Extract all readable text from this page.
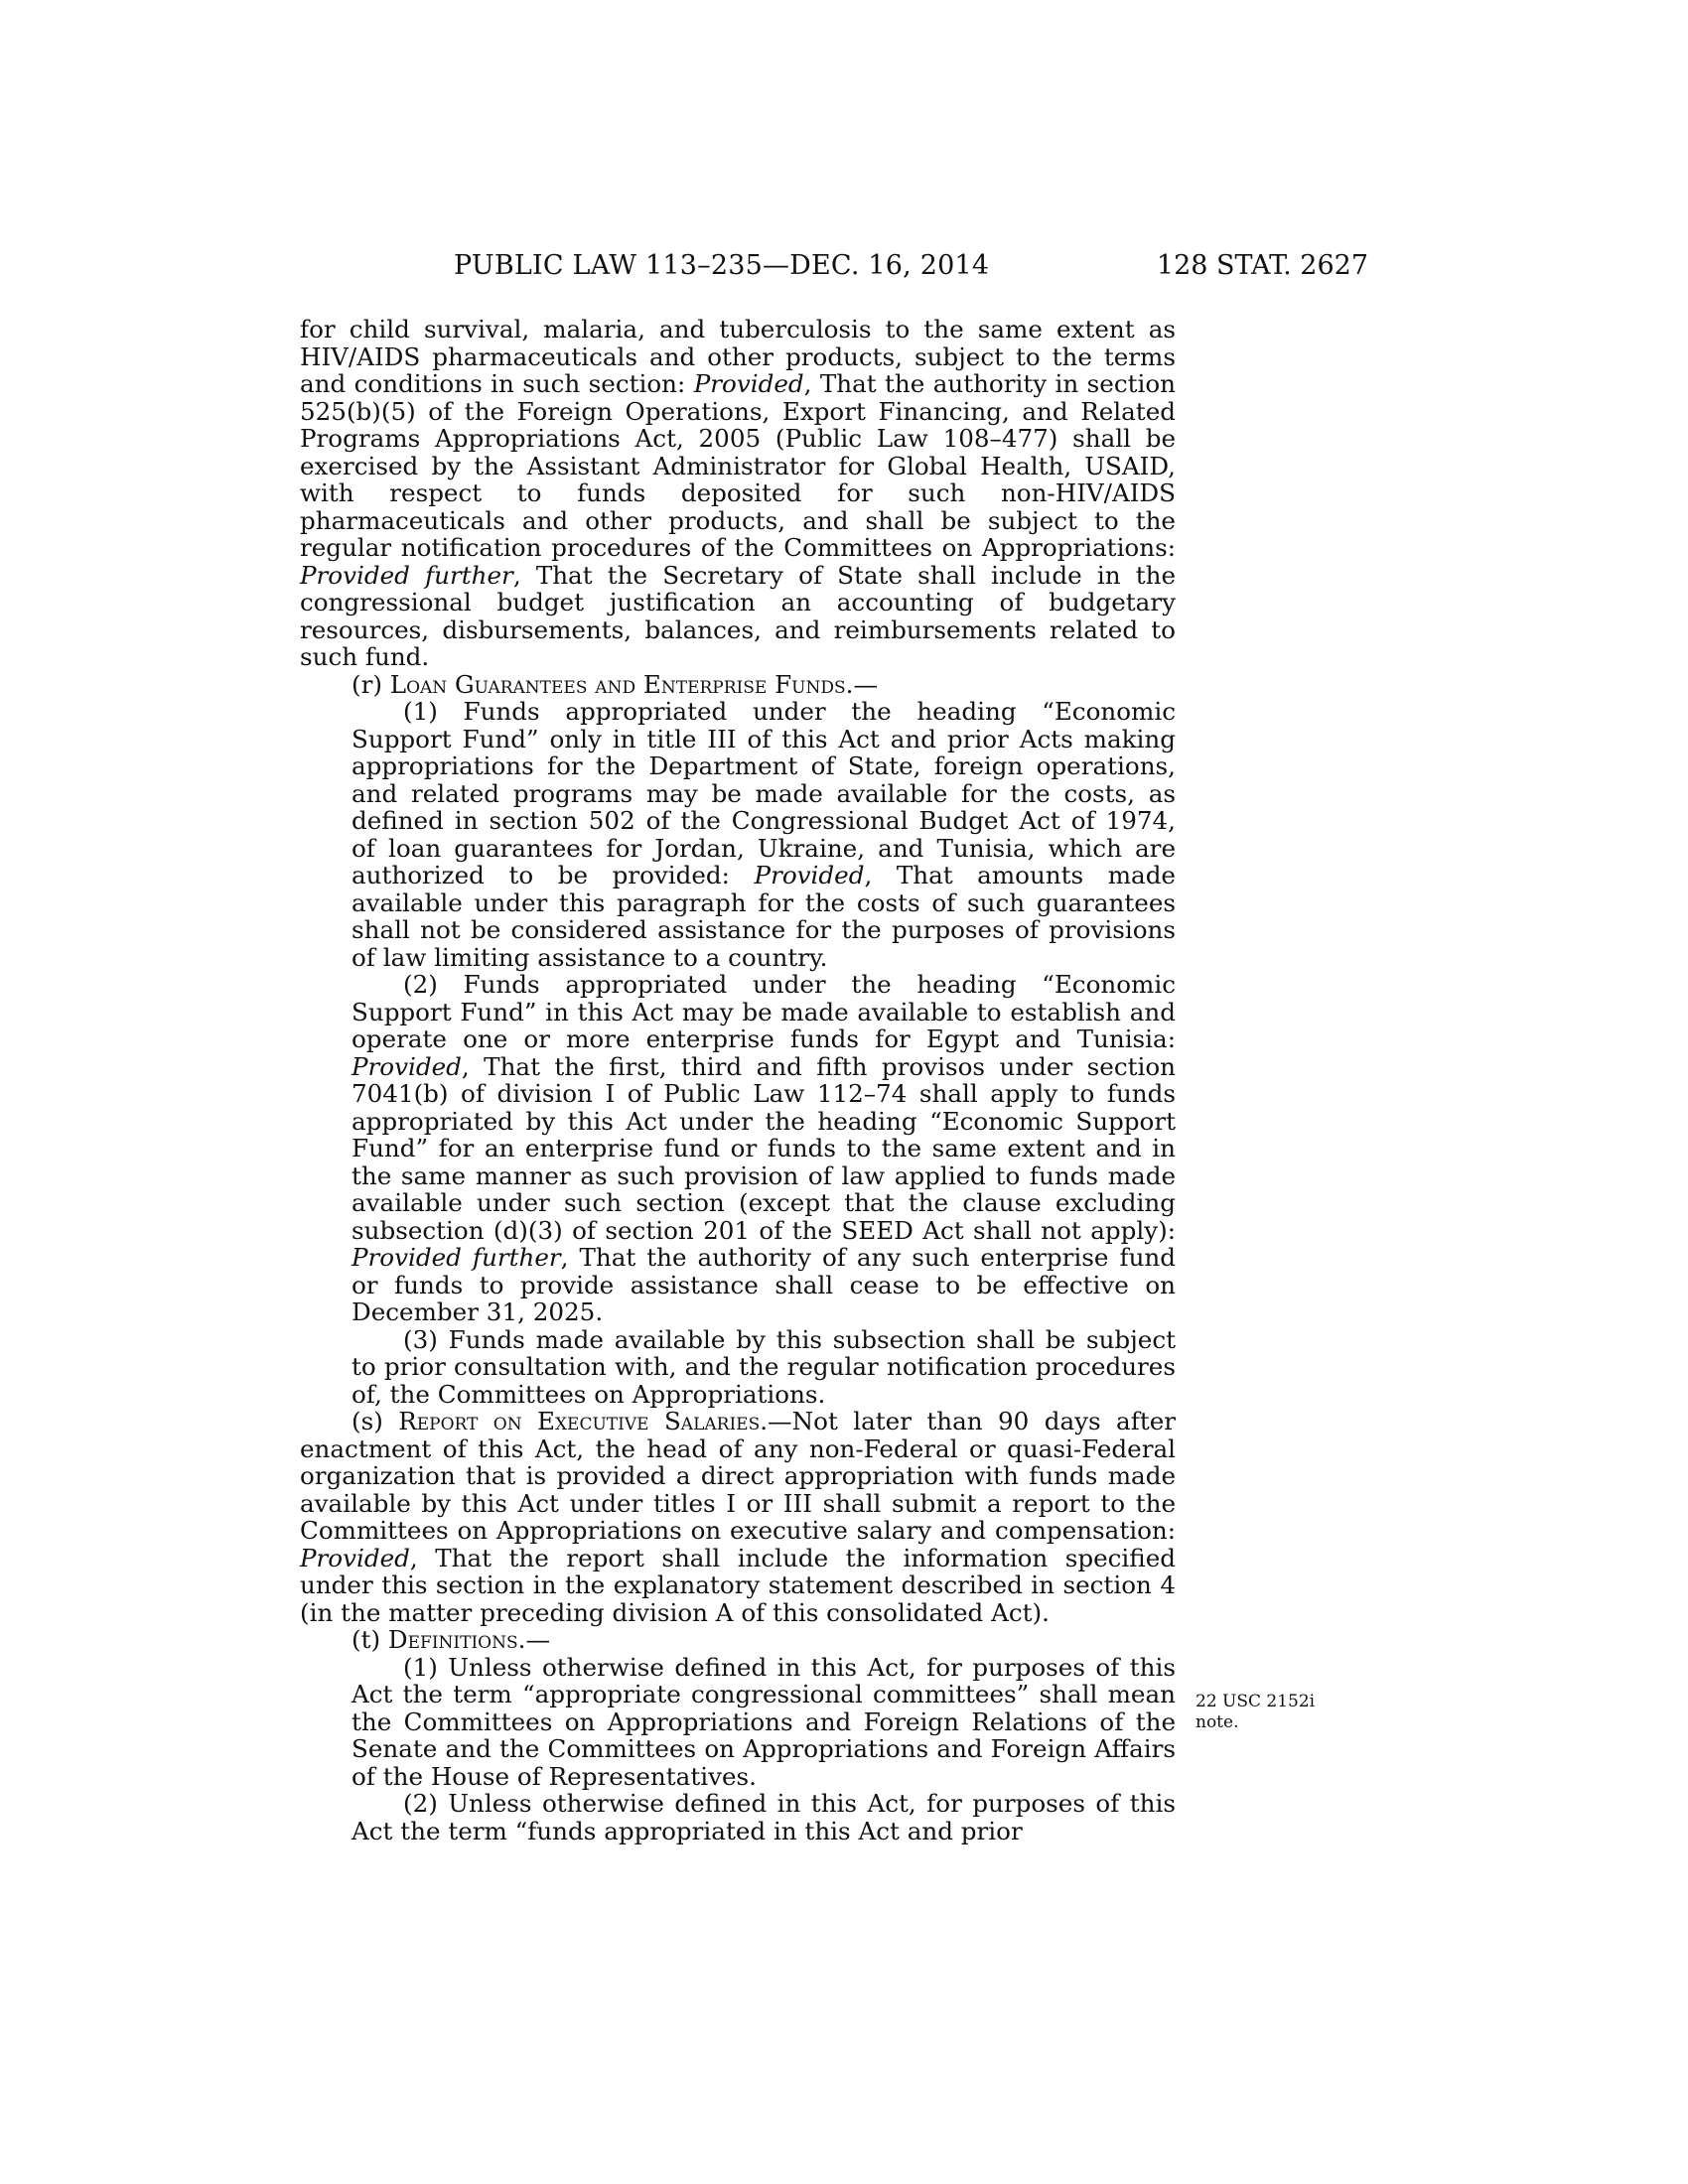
PUBLIC LAW 113–235—DEC. 16, 2014	128 STAT. 2627

for child survival, malaria, and tuberculosis to the same extent as HIV/AIDS pharmaceuticals and other products, subject to the terms and conditions in such section: Provided, That the authority in section 525(b)(5) of the Foreign Operations, Export Financing, and Related Programs Appropriations Act, 2005 (Public Law 108–477) shall be exercised by the Assistant Administrator for Global Health, USAID, with respect to funds deposited for such non-HIV/AIDS pharmaceuticals and other products, and shall be subject to the regular notification procedures of the Committees on Appropriations: Provided further, That the Secretary of State shall include in the congressional budget justification an accounting of budgetary resources, disbursements, balances, and reimbursements related to such fund.

(r) Loan Guarantees and Enterprise Funds.—

(1) Funds appropriated under the heading “Economic Support Fund” only in title III of this Act and prior Acts making appropriations for the Department of State, foreign operations, and related programs may be made available for the costs, as defined in section 502 of the Congressional Budget Act of 1974, of loan guarantees for Jordan, Ukraine, and Tunisia, which are authorized to be provided: Provided, That amounts made available under this paragraph for the costs of such guarantees shall not be considered assistance for the purposes of provisions of law limiting assistance to a country.

(2) Funds appropriated under the heading “Economic Support Fund” in this Act may be made available to establish and operate one or more enterprise funds for Egypt and Tunisia: Provided, That the first, third and fifth provisos under section 7041(b) of division I of Public Law 112–74 shall apply to funds appropriated by this Act under the heading “Economic Support Fund” for an enterprise fund or funds to the same extent and in the same manner as such provision of law applied to funds made available under such section (except that the clause excluding subsection (d)(3) of section 201 of the SEED Act shall not apply): Provided further, That the authority of any such enterprise fund or funds to provide assistance shall cease to be effective on December 31, 2025.

(3) Funds made available by this subsection shall be subject to prior consultation with, and the regular notification procedures of, the Committees on Appropriations.

(s) Report on Executive Salaries.—Not later than 90 days after enactment of this Act, the head of any non-Federal or quasi-Federal organization that is provided a direct appropriation with funds made available by this Act under titles I or III shall submit a report to the Committees on Appropriations on executive salary and compensation: Provided, That the report shall include the information specified under this section in the explanatory statement described in section 4 (in the matter preceding division A of this consolidated Act).

(t) Definitions.—

(1) Unless otherwise defined in this Act, for purposes of this Act the term “appropriate congressional committees” shall mean the Committees on Appropriations and Foreign Relations of the Senate and the Committees on Appropriations and Foreign Affairs of the House of Representatives.

(2) Unless otherwise defined in this Act, for purposes of this Act the term “funds appropriated in this Act and prior

22 USC 2152i
note.
